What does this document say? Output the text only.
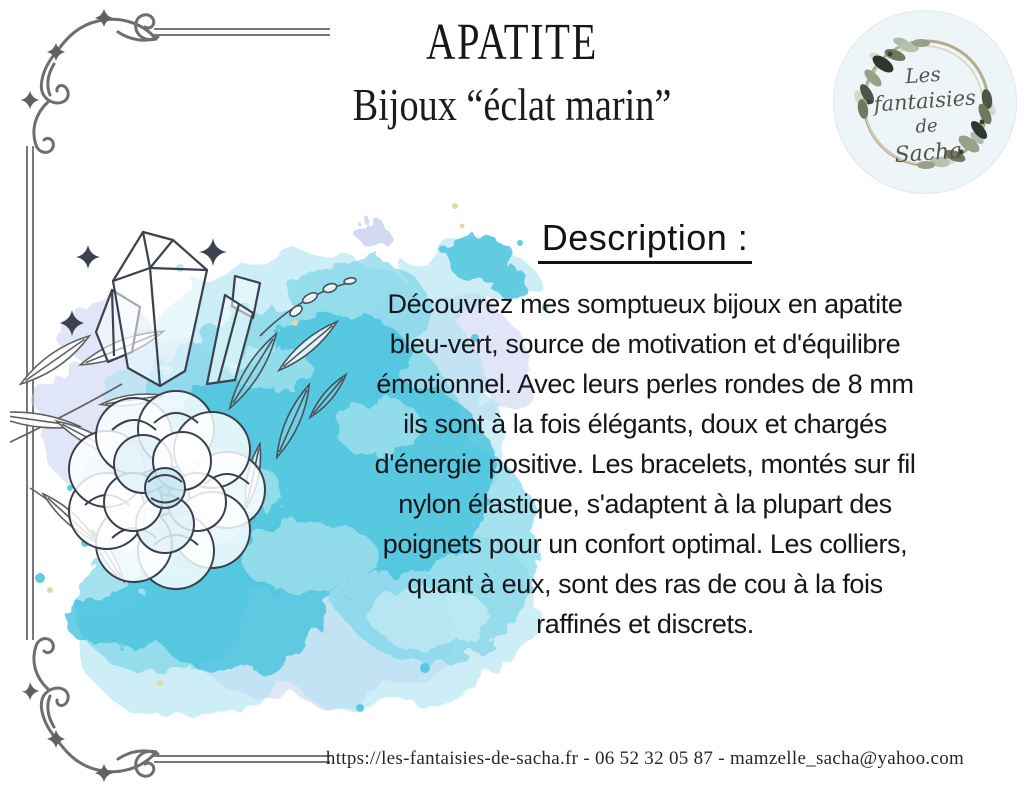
APATITE
Bijoux “éclat marin”
Les
fantaisies
de
Sacha
Description :
Découvrez mes somptueux bijoux en apatite
bleu-vert, source de motivation et d'équilibre
émotionnel. Avec leurs perles rondes de 8 mm
ils sont à la fois élégants, doux et chargés
d'énergie positive. Les bracelets, montés sur fil
nylon élastique, s'adaptent à la plupart des
poignets pour un confort optimal. Les colliers,
quant à eux, sont des ras de cou à la fois
raffinés et discrets.
https://les-fantaisies-de-sacha.fr - 06 52 32 05 87 - mamzelle_sacha@yahoo.com
